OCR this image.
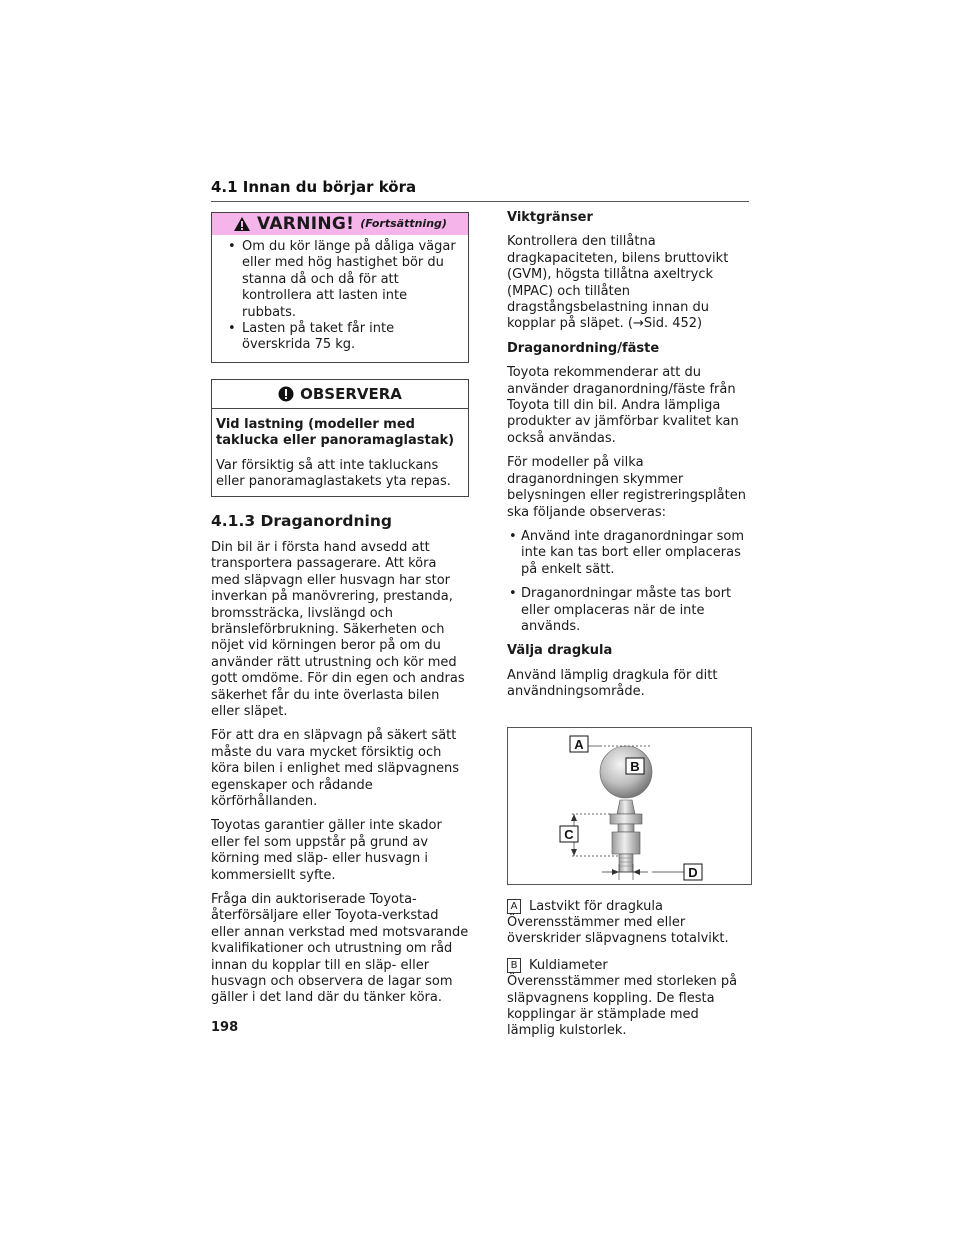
4.1 Innan du börjar köra
VARNING! (Fortsättning)
• Om du kör länge på dåliga vägar eller med hög hastighet bör du stanna då och då för att kontrollera att lasten inte rubbats.
• Lasten på taket får inte överskrida 75 kg.
OBSERVERA

Vid lastning (modeller med taklucka eller panoramaglastak)

Var försiktig så att inte takluckans eller panoramaglastakets yta repas.

4.1.3 Draganordning

Din bil är i första hand avsedd att transportera passagerare. Att köra med släpvagn eller husvagn har stor inverkan på manövrering, prestanda, bromssträcka, livslängd och bränsleförbrukning. Säkerheten och nöjet vid körningen beror på om du använder rätt utrustning och kör med gott omdöme. För din egen och andras säkerhet får du inte överlasta bilen eller släpet.

För att dra en släpvagn på säkert sätt måste du vara mycket försiktig och köra bilen i enlighet med släpvagnens egenskaper och rådande körförhållanden.

Toyotas garantier gäller inte skador eller fel som uppstår på grund av körning med släp- eller husvagn i kommersiellt syfte.

Fråga din auktoriserade Toyota-återförsäljare eller Toyota-verkstad eller annan verkstad med motsvarande kvalifikationer och utrustning om råd innan du kopplar till en släp- eller husvagn och observera de lagar som gäller i det land där du tänker köra.

Viktgränser

Kontrollera den tillåtna dragkapaciteten, bilens bruttovikt (GVM), högsta tillåtna axeltryck (MPAC) och tillåten dragstångsbelastning innan du kopplar på släpet. (→Sid. 452)

Draganordning/fäste

Toyota rekommenderar att du använder draganordning/fäste från Toyota till din bil. Andra lämpliga produkter av jämförbar kvalitet kan också användas.

För modeller på vilka draganordningen skymmer belysningen eller registreringsplåten ska följande observeras:

• Använd inte draganordningar som inte kan tas bort eller omplaceras på enkelt sätt.
• Draganordningar måste tas bort eller omplaceras när de inte används.
Välja dragkula

Använd lämplig dragkula för ditt användningsområde.

A
B
C
D
A Lastvikt för dragkula
Överensstämmer med eller överskrider släpvagnens totalvikt.
B Kuldiameter
Överensstämmer med storleken på släpvagnens koppling. De flesta kopplingar är stämplade med lämplig kulstorlek.
198
